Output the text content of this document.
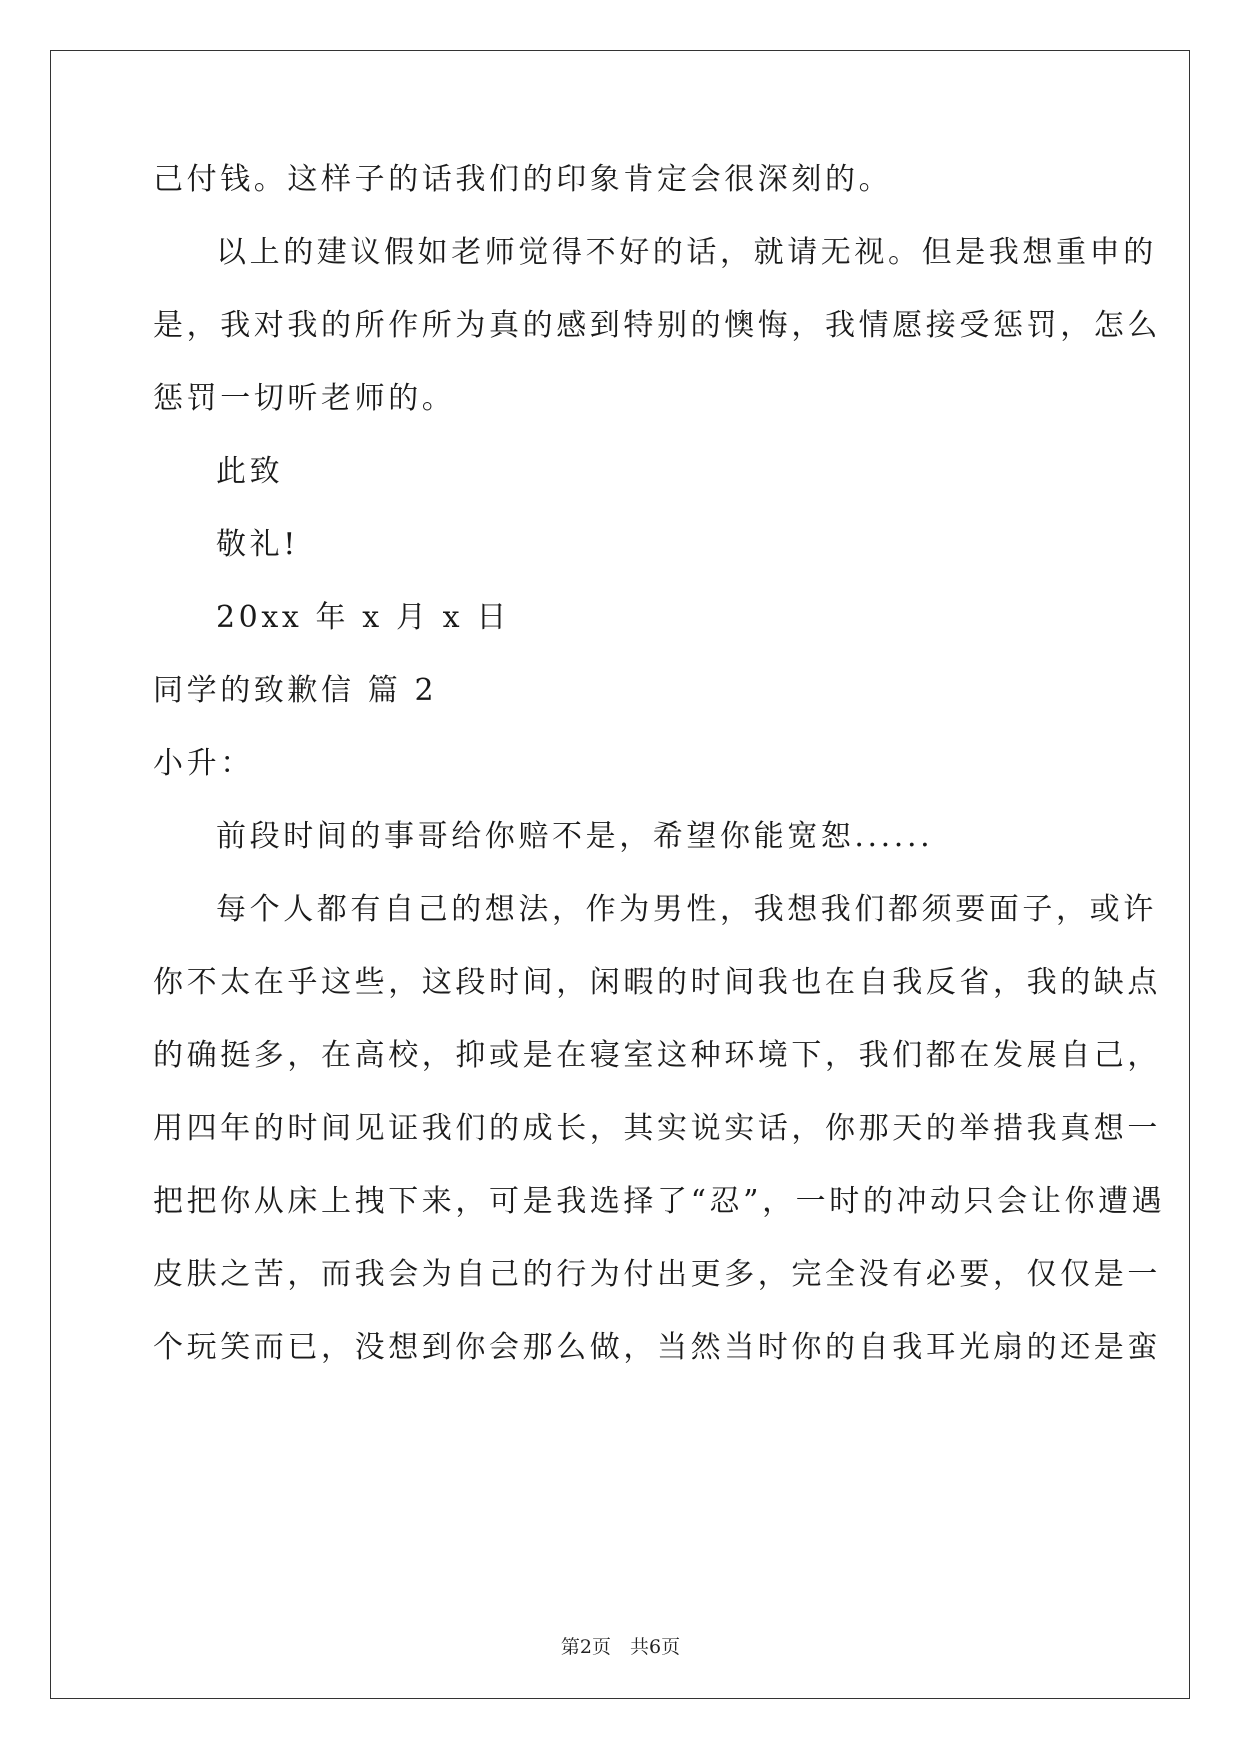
己付钱。这样子的话我们的印象肯定会很深刻的。
以上的建议假如老师觉得不好的话，就请无视。但是我想重申的
是，我对我的所作所为真的感到特别的懊悔，我情愿接受惩罚，怎么
惩罚一切听老师的。
此致
敬礼!
20xx 年 x 月 x 日
同学的致歉信 篇 2
小升：
前段时间的事哥给你赔不是，希望你能宽恕......
每个人都有自己的想法，作为男性，我想我们都须要面子，或许
你不太在乎这些，这段时间，闲暇的时间我也在自我反省，我的缺点
的确挺多，在高校，抑或是在寝室这种环境下，我们都在发展自己，
用四年的时间见证我们的成长，其实说实话，你那天的举措我真想一
把把你从床上拽下来，可是我选择了“忍”，一时的冲动只会让你遭遇
皮肤之苦，而我会为自己的行为付出更多，完全没有必要，仅仅是一
个玩笑而已，没想到你会那么做，当然当时你的自我耳光扇的还是蛮
第2页　共6页
